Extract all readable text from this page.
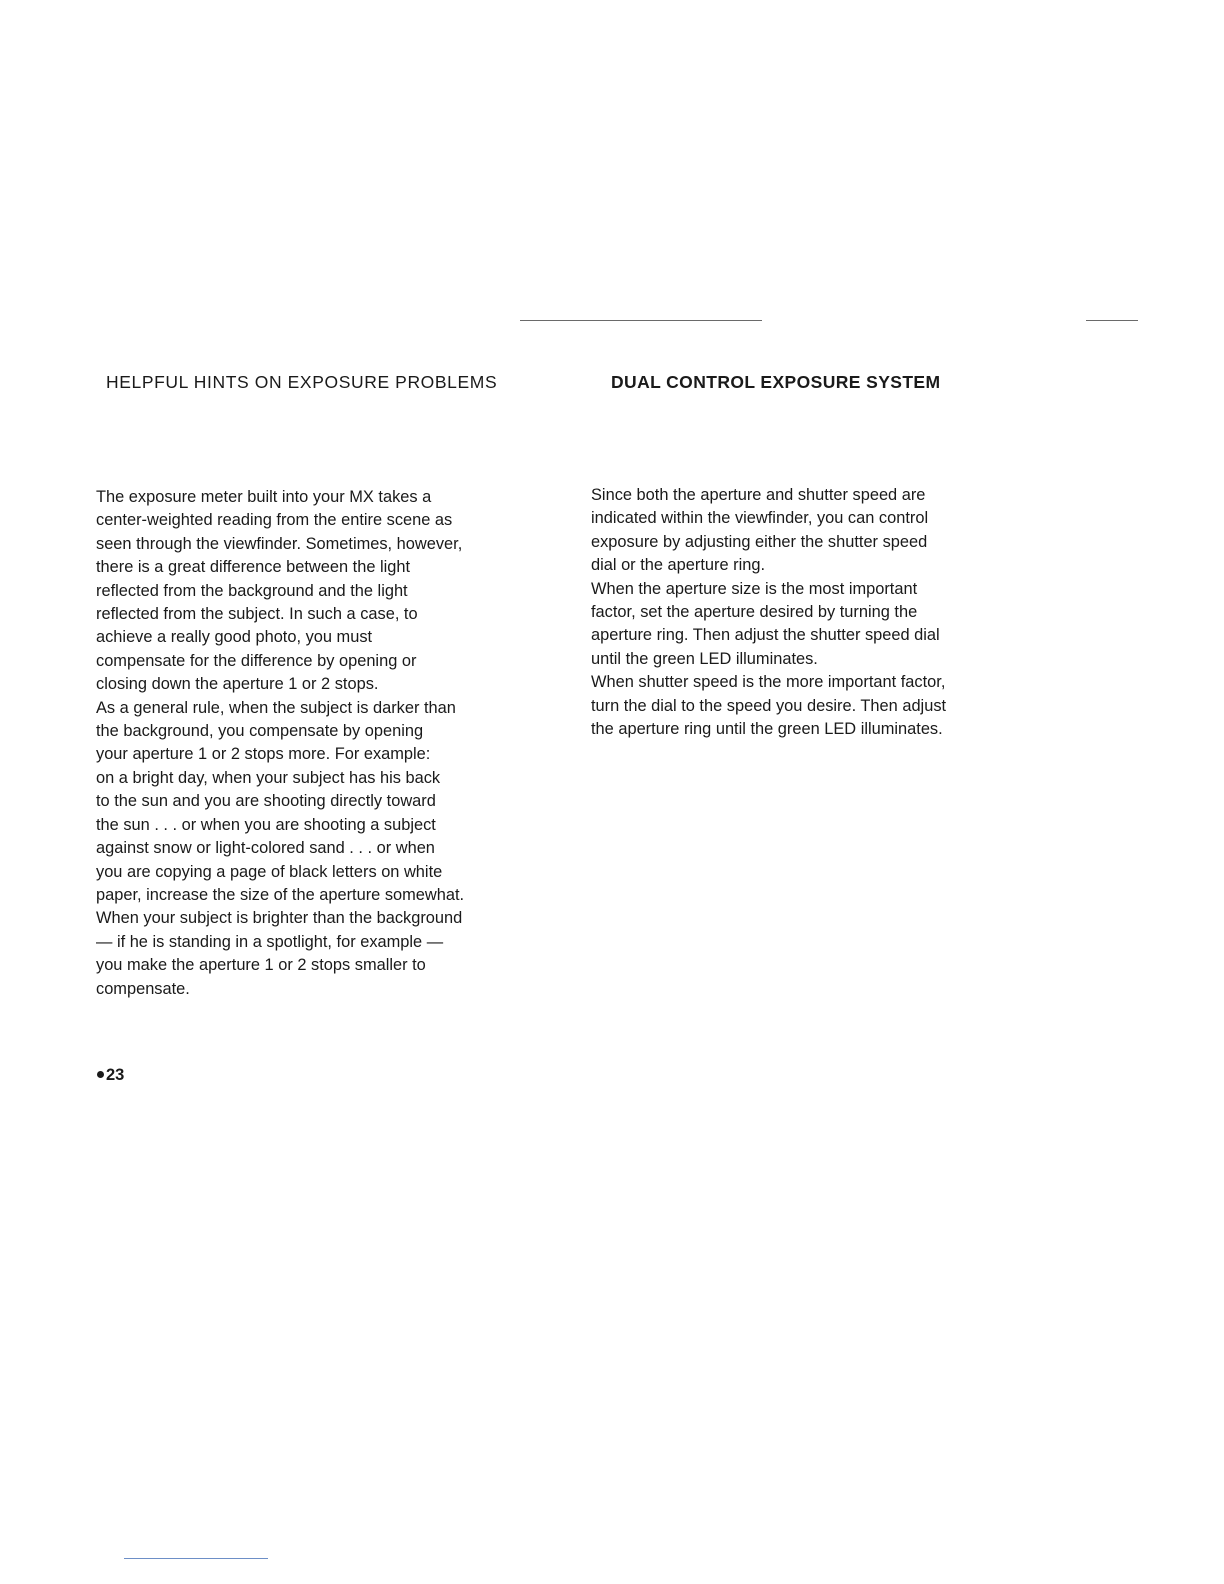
HELPFUL HINTS ON EXPOSURE PROBLEMS	DUAL CONTROL EXPOSURE SYSTEM
The exposure meter built into your MX takes a
center-weighted reading from the entire scene as
seen through the viewfinder. Sometimes, however,
there is a great difference between the light
reflected from the background and the light
reflected from the subject. In such a case, to
achieve a really good photo, you must
compensate for the difference by opening or
closing down the aperture 1 or 2 stops.
As a general rule, when the subject is darker than
the background, you compensate by opening
your aperture 1 or 2 stops more. For example:
on a bright day, when your subject has his back
to the sun and you are shooting directly toward
the sun . . . or when you are shooting a subject
against snow or light-colored sand . . . or when
you are copying a page of black letters on white
paper, increase the size of the aperture somewhat.
When your subject is brighter than the background
— if he is standing in a spotlight, for example —
you make the aperture 1 or 2 stops smaller to
compensate.
Since both the aperture and shutter speed are
indicated within the viewfinder, you can control
exposure by adjusting either the shutter speed
dial or the aperture ring.
When the aperture size is the most important
factor, set the aperture desired by turning the
aperture ring. Then adjust the shutter speed dial
until the green LED illuminates.
When shutter speed is the more important factor,
turn the dial to the speed you desire. Then adjust
the aperture ring until the green LED illuminates.
23
